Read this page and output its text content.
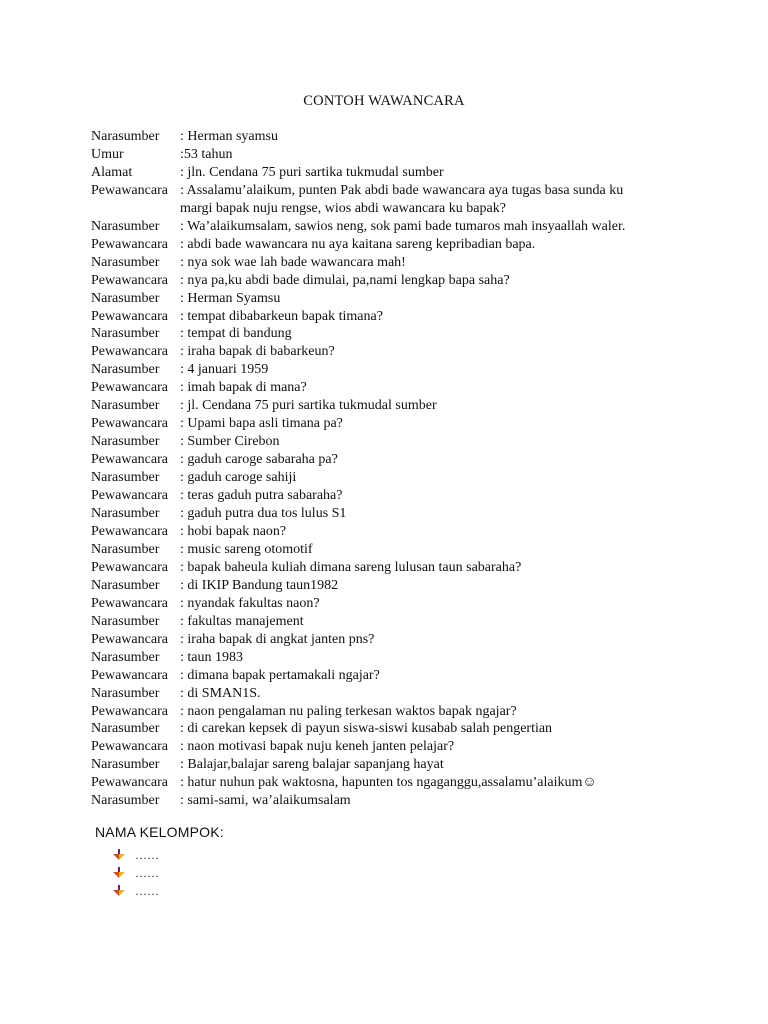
CONTOH WAWANCARA
Narasumber	: Herman syamsu
Umur	:53 tahun
Alamat	: jln. Cendana 75 puri sartika tukmudal sumber
Pewawancara : Assalamu’alaikum, punten Pak abdi bade wawancara aya tugas basa sunda ku
margi bapak nuju rengse, wios abdi wawancara ku bapak?
Narasumber	: Wa’alaikumsalam, sawios neng, sok pami bade tumaros mah insyaallah waler.
Pewawancara : abdi bade wawancara nu aya kaitana sareng kepribadian bapa.
Narasumber	: nya sok wae lah bade wawancara mah!
Pewawancara : nya pa,ku abdi bade dimulai, pa,nami lengkap bapa saha?
Narasumber	: Herman Syamsu
Pewawancara : tempat dibabarkeun bapak timana?
Narasumber	: tempat di bandung
Pewawancara : iraha bapak di babarkeun?
Narasumber	: 4 januari 1959
Pewawancara : imah bapak di mana?
Narasumber	: jl. Cendana 75 puri sartika tukmudal sumber
Pewawancara : Upami bapa asli timana pa?
Narasumber	: Sumber Cirebon
Pewawancara : gaduh caroge sabaraha pa?
Narasumber	: gaduh caroge sahiji
Pewawancara : teras gaduh putra sabaraha?
Narasumber	: gaduh putra dua tos lulus S1
Pewawancara : hobi bapak naon?
Narasumber	: music sareng otomotif
Pewawancara : bapak baheula kuliah dimana sareng lulusan taun sabaraha?
Narasumber	: di IKIP Bandung taun1982
Pewawancara : nyandak fakultas naon?
Narasumber	: fakultas manajement
Pewawancara : iraha bapak di angkat janten pns?
Narasumber	: taun 1983
Pewawancara : dimana bapak pertamakali ngajar?
Narasumber	: di SMAN1S.
Pewawancara : naon pengalaman nu paling terkesan waktos bapak ngajar?
Narasumber	: di carekan kepsek di payun siswa-siswi kusabab salah pengertian
Pewawancara : naon motivasi bapak nuju keneh janten pelajar?
Narasumber	: Balajar,balajar sareng balajar sapanjang hayat
Pewawancara : hatur nuhun pak waktosna, hapunten tos ngaganggu,assalamu’alaikum☺
Narasumber	: sami-sami, wa’alaikumsalam
NAMA KELOMPOK:
……
……
……
